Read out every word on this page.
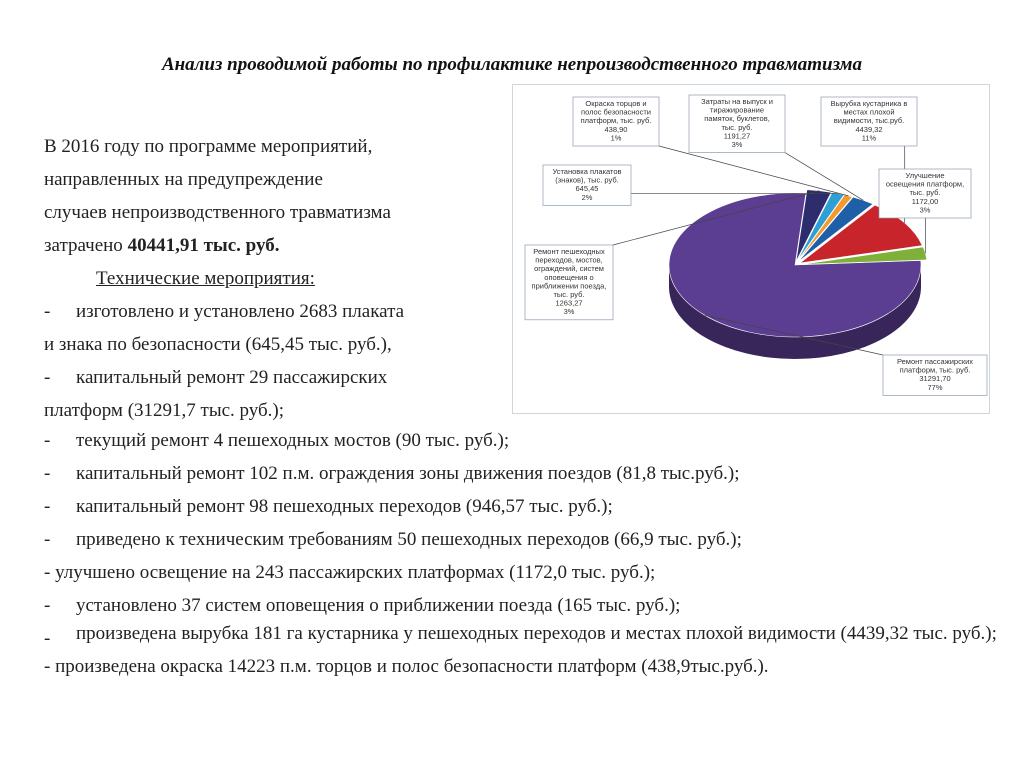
Анализ проводимой работы по профилактике непроизводственного травматизма
В 2016 году по программе мероприятий,
направленных на предупреждение
случаев непроизводственного травматизма
затрачено 40441,91 тыс. руб.
Технические мероприятия:
-	изготовлено и установлено 2683 плаката
и знака по безопасности (645,45 тыс. руб.),
-	капитальный ремонт 29 пассажирских
платформ (31291,7 тыс. руб.);
Ремонт пассажирских
платформ, тыс. руб.
31291,70
77%
Ремонт пешеходных
переходов, мостов,
ограждений, систем
оповещения о
приближении поезда,
тыс. руб.
1263,27
3%
Установка плакатов
(знаков), тыс. руб.
645,45
2%
Окраска торцов и
полос безопасности
платформ, тыс. руб.
438,90
1%
Затраты на выпуск и
тиражирование
памяток, буклетов,
тыс. руб.
1191,27
3%
Вырубка кустарника в
местах плохой
видимости, тыс.руб.
4439,32
11%
Улучшение
освещения платформ,
тыс. руб.
1172,00
3%
-	текущий ремонт 4 пешеходных мостов (90 тыс. руб.);
-	капитальный ремонт 102 п.м. ограждения зоны движения поездов (81,8 тыс.руб.);
-	капитальный ремонт 98 пешеходных переходов (946,57 тыс. руб.);
-	приведено к техническим требованиям 50 пешеходных переходов (66,9 тыс. руб.);
- улучшено освещение на 243 пассажирских платформах (1172,0 тыс. руб.);
-	установлено 37 систем оповещения о приближении поезда (165 тыс. руб.);
-	произведена вырубка 181 га кустарника у пешеходных переходов и местах плохой видимости (4439,32 тыс. руб.);
- произведена окраска 14223 п.м. торцов и полос безопасности платформ (438,9тыс.руб.).
